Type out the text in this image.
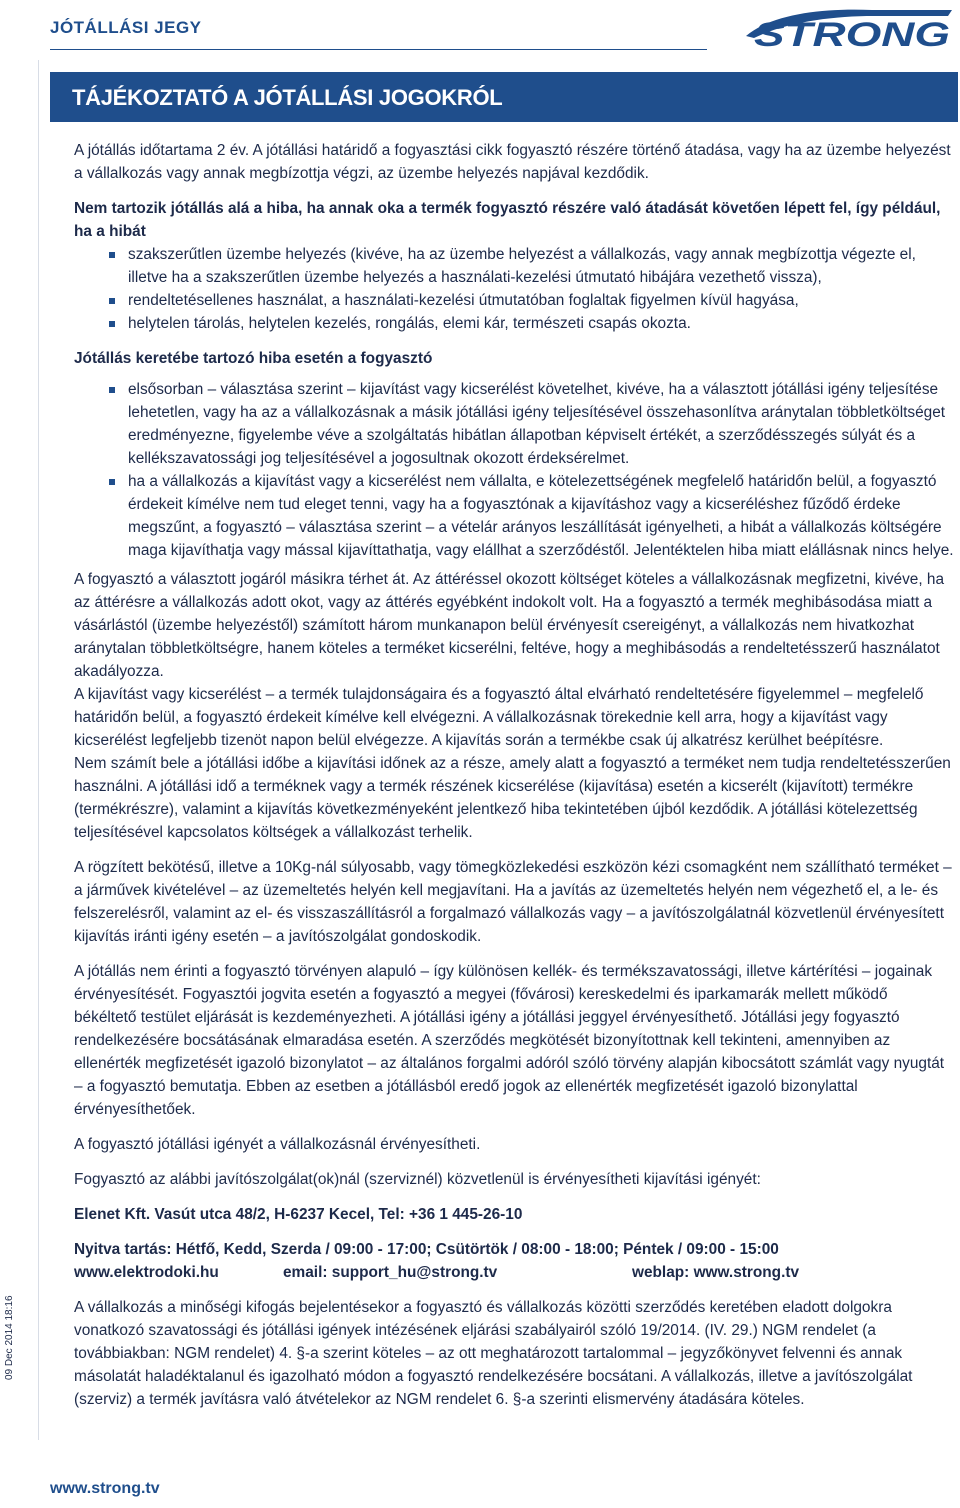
JÓTÁLLÁSI JEGY	STRONG
TÁJÉKOZTATÓ A JÓTÁLLÁSI JOGOKRÓL
09 Dec 2014 18:16

A jótállás időtartama 2 év. A jótállási határidő a fogyasztási cikk fogyasztó részére történő átadása, vagy ha az üzembe helyezést a vállalkozás vagy annak megbízottja végzi, az üzembe helyezés napjával kezdődik.

Nem tartozik jótállás alá a hiba, ha annak oka a termék fogyasztó részére való átadását követően lépett fel, így például, ha a hibát

szakszerűtlen üzembe helyezés (kivéve, ha az üzembe helyezést a vállalkozás, vagy annak megbízottja végezte el, illetve ha a szakszerűtlen üzembe helyezés a használati-kezelési útmutató hibájára vezethető vissza),
rendeltetésellenes használat, a használati-kezelési útmutatóban foglaltak figyelmen kívül hagyása,
helytelen tárolás, helytelen kezelés, rongálás, elemi kár, természeti csapás okozta.

Jótállás keretébe tartozó hiba esetén a fogyasztó

elsősorban – választása szerint – kijavítást vagy kicserélést követelhet, kivéve, ha a választott jótállási igény teljesítése lehetetlen, vagy ha az a vállalkozásnak a másik jótállási igény teljesítésével összehasonlítva aránytalan többletköltséget eredményezne, figyelembe véve a szolgáltatás hibátlan állapotban képviselt értékét, a szerződésszegés súlyát és a kellékszavatossági jog teljesítésével a jogosultnak okozott érdeksérelmet.
ha a vállalkozás a kijavítást vagy a kicserélést nem vállalta, e kötelezettségének megfelelő határidőn belül, a fogyasztó érdekeit kímélve nem tud eleget tenni, vagy ha a fogyasztónak a kijavításhoz vagy a kicseréléshez fűződő érdeke megszűnt, a fogyasztó – választása szerint – a vételár arányos leszállítását igényelheti, a hibát a vállalkozás költségére maga kijavíthatja vagy mással kijavíttathatja, vagy elállhat a szerződéstől. Jelentéktelen hiba miatt elállásnak nincs helye.

A fogyasztó a választott jogáról másikra térhet át. Az áttéréssel okozott költséget köteles a vállalkozásnak megfizetni, kivéve, ha az áttérésre a vállalkozás adott okot, vagy az áttérés egyébként indokolt volt. Ha a fogyasztó a termék meghibásodása miatt a vásárlástól (üzembe helyezéstől) számított három munkanapon belül érvényesít csereigényt, a vállalkozás nem hivatkozhat aránytalan többletköltségre, hanem köteles a terméket kicserélni, feltéve, hogy a meghibásodás a rendeltetésszerű használatot akadályozza.

A kijavítást vagy kicserélést – a termék tulajdonságaira és a fogyasztó által elvárható rendeltetésére figyelemmel – megfelelő határidőn belül, a fogyasztó érdekeit kímélve kell elvégezni. A vállalkozásnak törekednie kell arra, hogy a kijavítást vagy kicserélést legfeljebb tizenöt napon belül elvégezze. A kijavítás során a termékbe csak új alkatrész kerülhet beépítésre.

Nem számít bele a jótállási időbe a kijavítási időnek az a része, amely alatt a fogyasztó a terméket nem tudja rendeltetésszerűen használni. A jótállási idő a terméknek vagy a termék részének kicserélése (kijavítása) esetén a kicserélt (kijavított) termékre (termékrészre), valamint a kijavítás következményeként jelentkező hiba tekintetében újból kezdődik. A jótállási kötelezettség teljesítésével kapcsolatos költségek a vállalkozást terhelik.

A rögzített bekötésű, illetve a 10Kg-nál súlyosabb, vagy tömegközlekedési eszközön kézi csomagként nem szállítható terméket – a járművek kivételével – az üzemeltetés helyén kell megjavítani. Ha a javítás az üzemeltetés helyén nem végezhető el, a le- és felszerelésről, valamint az el- és visszaszállításról a forgalmazó vállalkozás vagy – a javítószolgálatnál közvetlenül érvényesített kijavítás iránti igény esetén – a javítószolgálat gondoskodik.

A jótállás nem érinti a fogyasztó törvényen alapuló – így különösen kellék- és termékszavatossági, illetve kártérítési – jogainak érvényesítését. Fogyasztói jogvita esetén a fogyasztó a megyei (fővárosi) kereskedelmi és iparkamarák mellett működő békéltető testület eljárását is kezdeményezheti. A jótállási igény a jótállási jeggyel érvényesíthető. Jótállási jegy fogyasztó rendelkezésére bocsátásának elmaradása esetén. A szerződés megkötését bizonyítottnak kell tekinteni, amennyiben az ellenérték megfizetését igazoló bizonylatot – az általános forgalmi adóról szóló törvény alapján kibocsátott számlát vagy nyugtát – a fogyasztó bemutatja. Ebben az esetben a jótállásból eredő jogok az ellenérték megfizetését igazoló bizonylattal érvényesíthetőek.

A fogyasztó jótállási igényét a vállalkozásnál érvényesítheti.

Fogyasztó az alábbi javítószolgálat(ok)nál (szerviznél) közvetlenül is érvényesítheti kijavítási igényét:

Elenet Kft. Vasút utca 48/2, H-6237 Kecel, Tel: +36 1 445-26-10

Nyitva tartás: Hétfő, Kedd, Szerda / 09:00 - 17:00; Csütörtök / 08:00 - 18:00; Péntek / 09:00 - 15:00

www.elektrodoki.hu	email: support_hu@strong.tv	weblap: www.strong.tv

A vállalkozás a minőségi kifogás bejelentésekor a fogyasztó és vállalkozás közötti szerződés keretében eladott dolgokra vonatkozó szavatossági és jótállási igények intézésének eljárási szabályairól szóló 19/2014. (IV. 29.) NGM rendelet (a továbbiakban: NGM rendelet) 4. §-a szerint köteles – az ott meghatározott tartalommal – jegyzőkönyvet felvenni és annak másolatát haladéktalanul és igazolható módon a fogyasztó rendelkezésére bocsátani. A vállalkozás, illetve a javítószolgálat (szerviz) a termék javításra való átvételekor az NGM rendelet 6. §-a szerinti elismervény átadására köteles.

www.strong.tv
